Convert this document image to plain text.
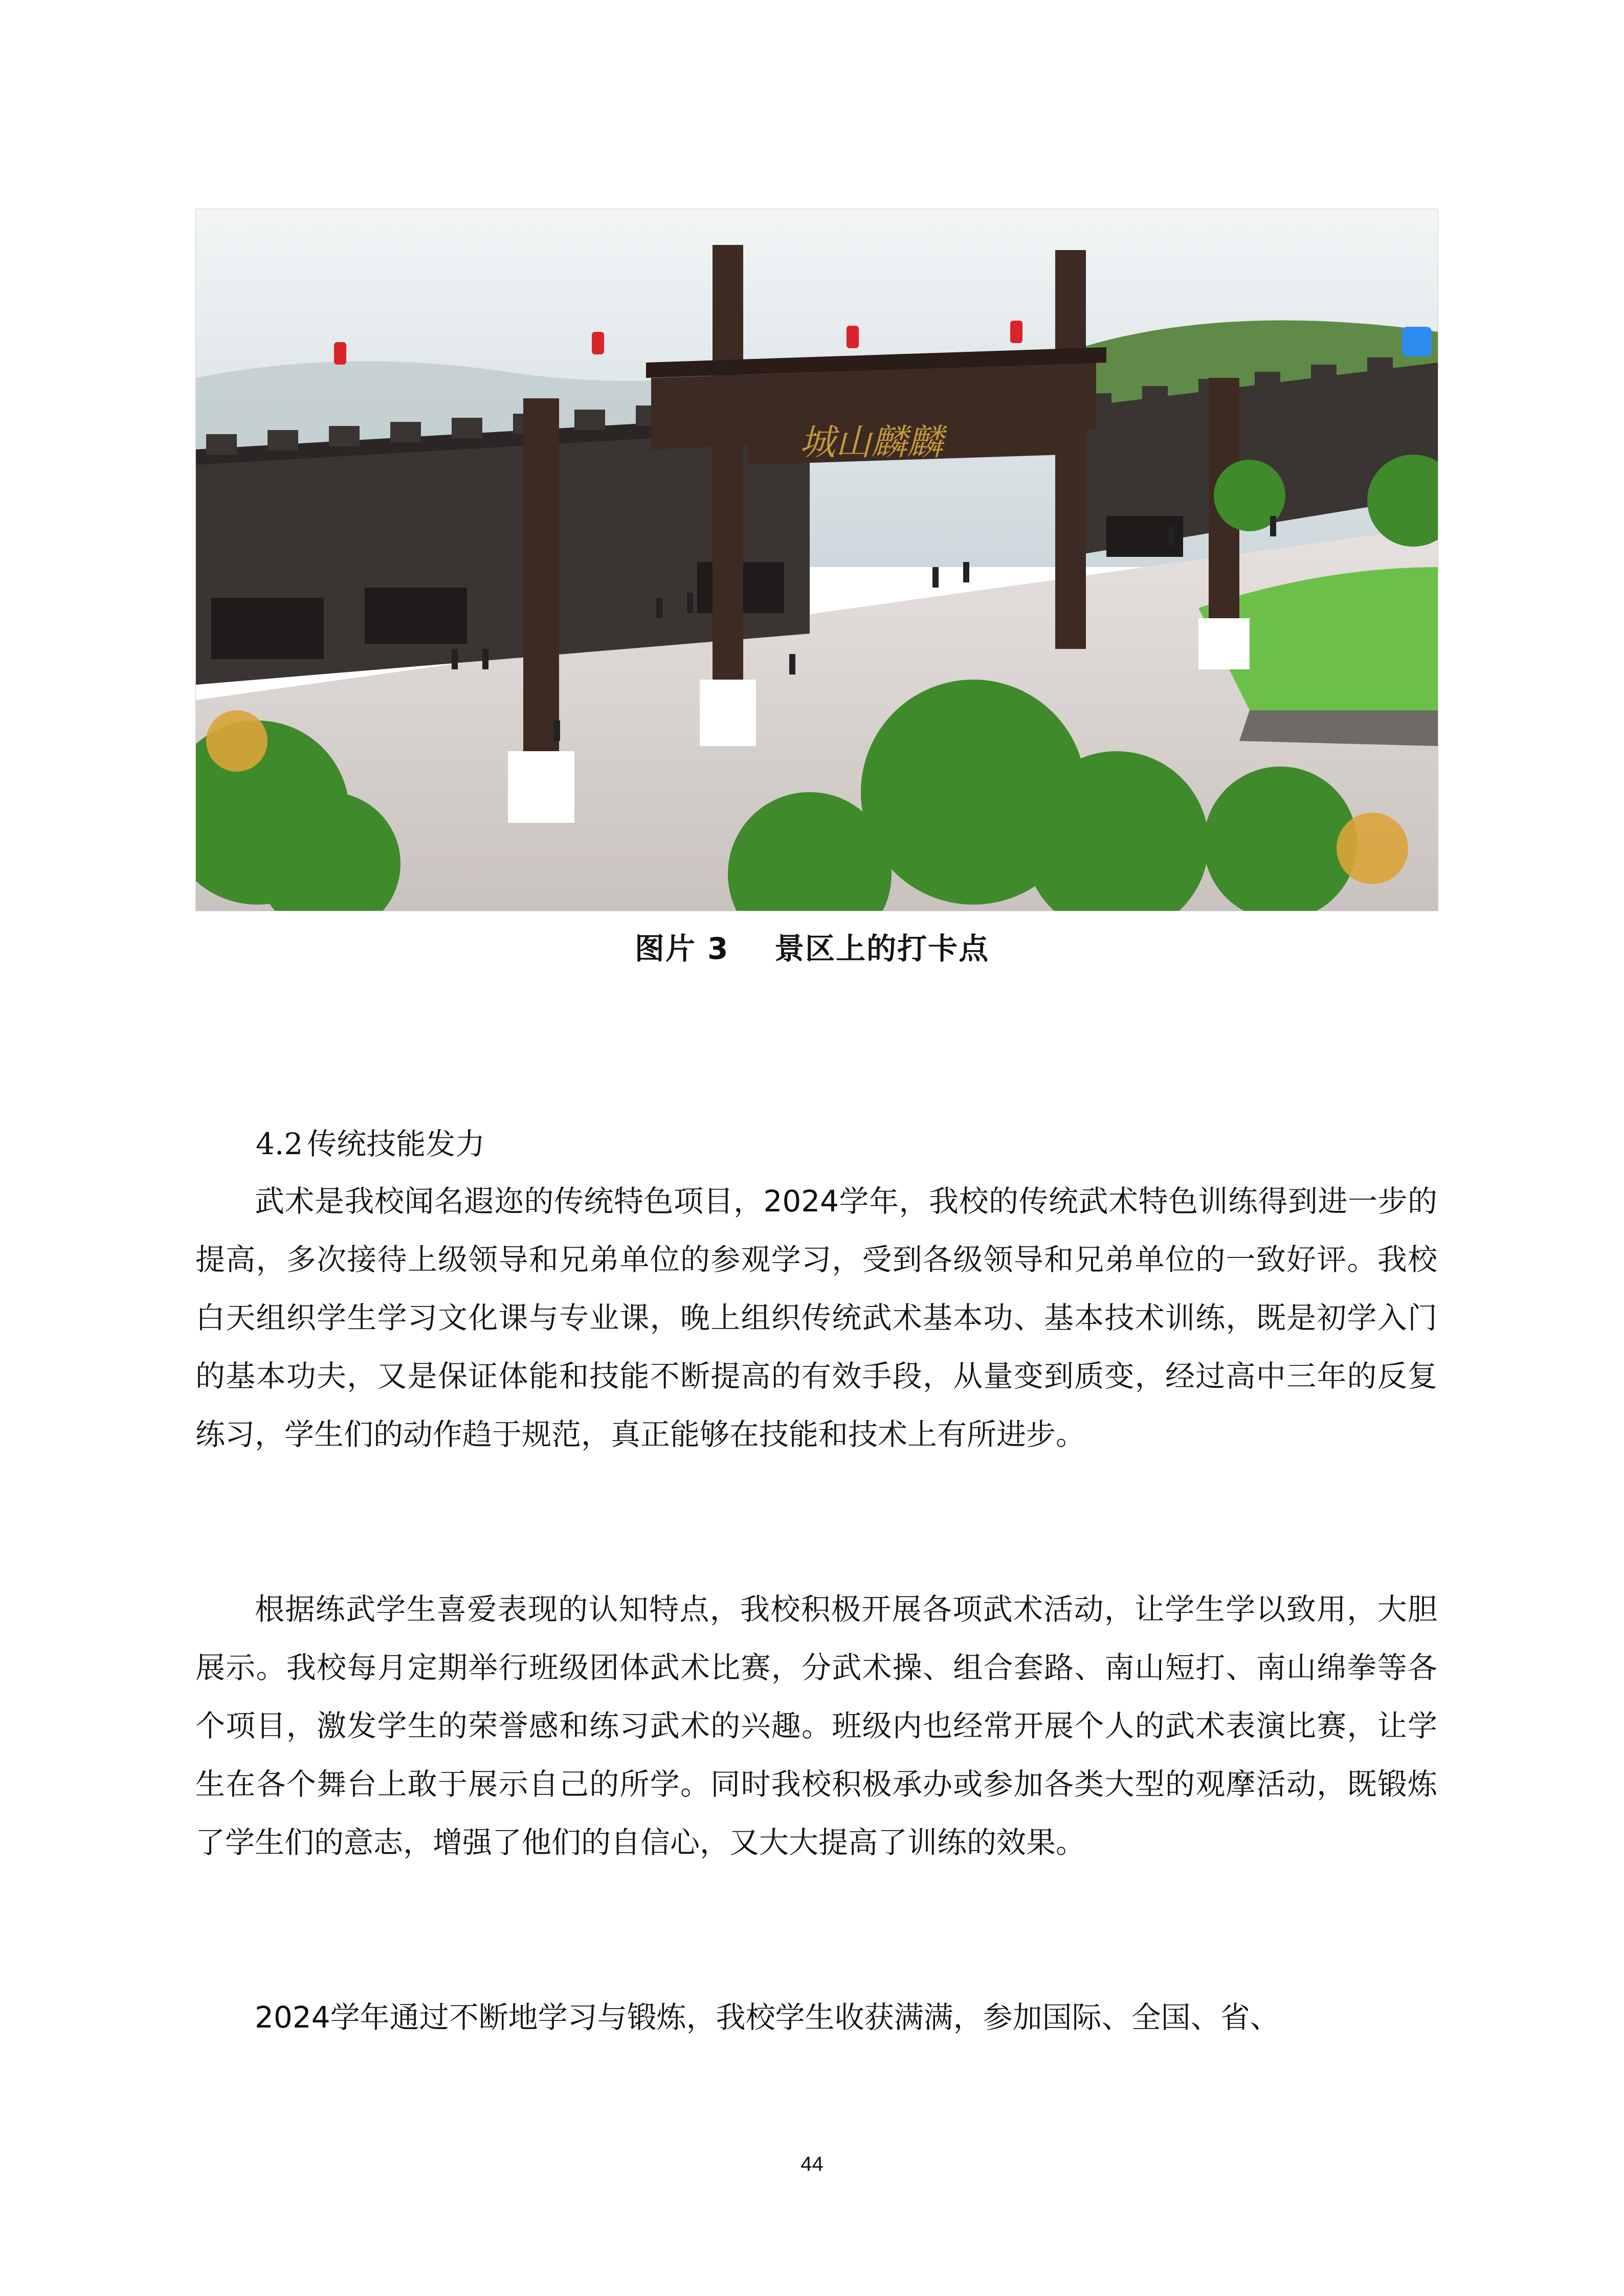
城山麟麟
图片 3    景区上的打卡点
4.2 传统技能发力

武术是我校闻名遐迩的传统特色项目，2024学年，我校的传统武术特色训练得到进一步的提高，多次接待上级领导和兄弟单位的参观学习，受到各级领导和兄弟单位的一致好评。我校白天组织学生学习文化课与专业课，晚上组织传统武术基本功、基本技术训练，既是初学入门的基本功夫，又是保证体能和技能不断提高的有效手段，从量变到质变，经过高中三年的反复练习，学生们的动作趋于规范，真正能够在技能和技术上有所进步。

根据练武学生喜爱表现的认知特点，我校积极开展各项武术活动，让学生学以致用，大胆展示。我校每月定期举行班级团体武术比赛，分武术操、组合套路、南山短打、南山绵拳等各个项目，激发学生的荣誉感和练习武术的兴趣。班级内也经常开展个人的武术表演比赛，让学生在各个舞台上敢于展示自己的所学。同时我校积极承办或参加各类大型的观摩活动，既锻炼了学生们的意志，增强了他们的自信心，又大大提高了训练的效果。

2024学年通过不断地学习与锻炼，我校学生收获满满，参加国际、全国、省、

44
